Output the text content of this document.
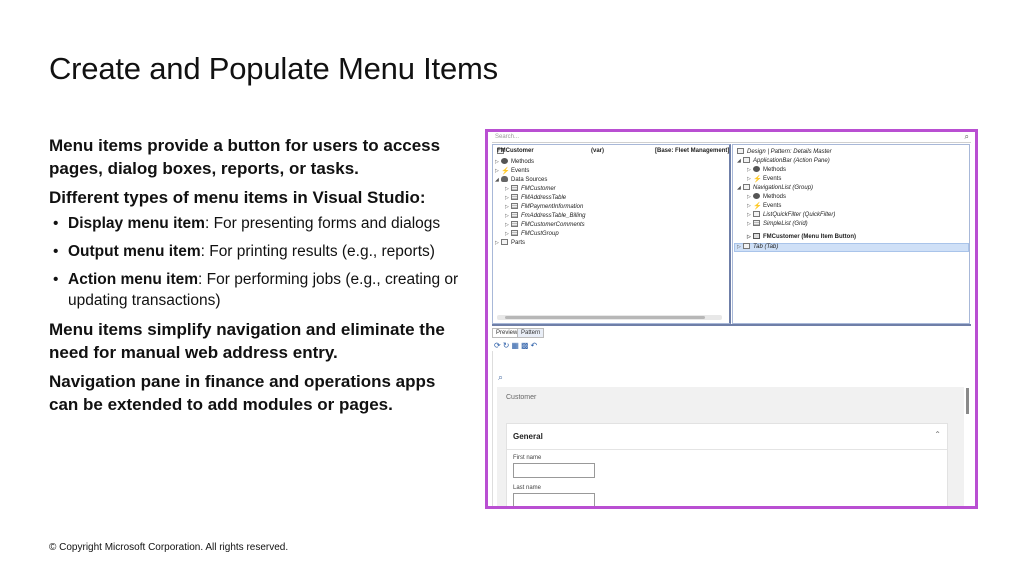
Create and Populate Menu Items

Menu items provide a button for users to access pages, dialog boxes, reports, or tasks.

Different types of menu items in Visual Studio:

• Display menu item: For presenting forms and dialogs
• Output menu item: For printing results (e.g., reports)
• Action menu item: For performing jobs (e.g., creating or updating transactions)

Menu items simplify navigation and eliminate the need for manual web address entry.

Navigation pane in finance and operations apps can be extended to add modules or pages.

© Copyright Microsoft Corporation. All rights reserved.
Search...	⌕
FMCustomer	(var)	[Base: Fleet Management]
▷ Methods
▷ ⚡Events
◢ Data Sources
▷ FMCustomer
▷ FMAddressTable
▷ FMPaymentInformation
▷ FmAddressTable_Billing
▷ FMCustomerComments
▷ FMCustGroup
▷ Parts
Design | Pattern: Details Master
◢ ApplicationBar (Action Pane)
▷ Methods
▷ ⚡Events
◢ NavigationList (Group)
▷ Methods
▷ ⚡Events
▷ ListQuickFilter (QuickFilter)
▷ SimpleList (Grid)
▷ FMCustomer (Menu Item Button)
▷ Tab (Tab)
Preview Pattern
⟳↻▦▩↶
⌕
Customer
General	⌃
First name
Last name
